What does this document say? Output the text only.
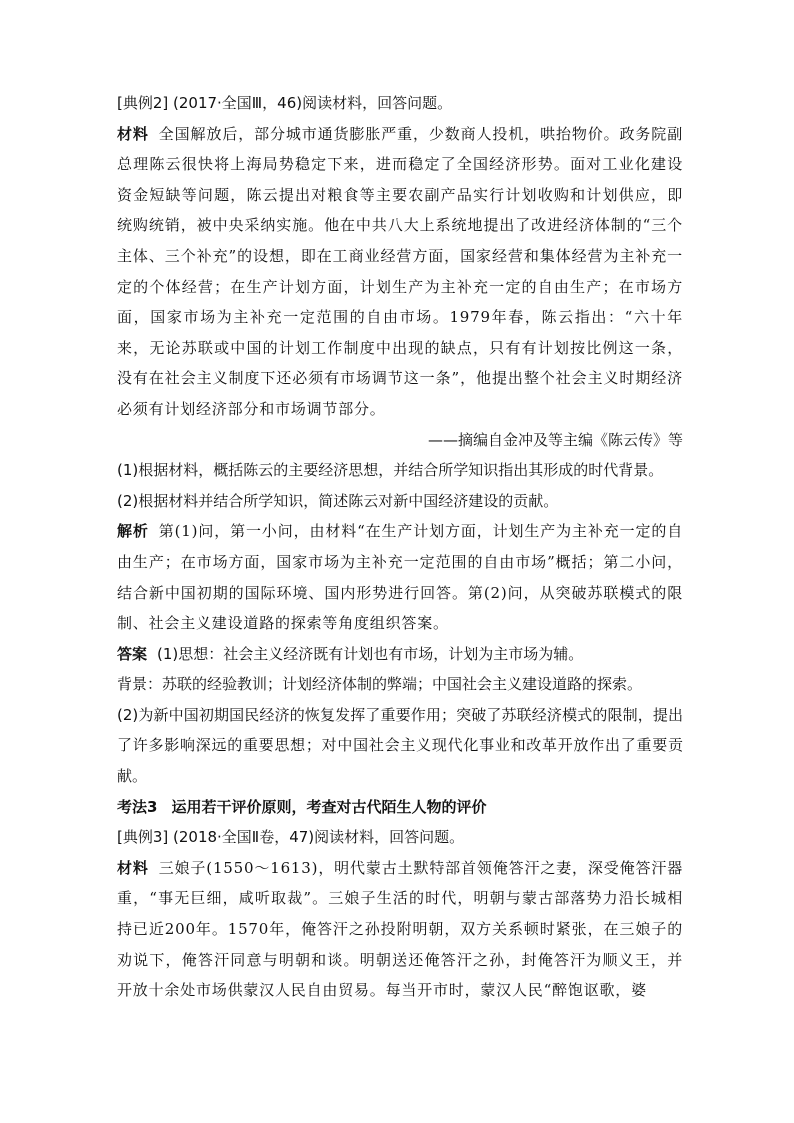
[典例2] (2017·全国Ⅲ，46)阅读材料，回答问题。

材料 全国解放后，部分城市通货膨胀严重，少数商人投机，哄抬物价。政务院副总理陈云很快将上海局势稳定下来，进而稳定了全国经济形势。面对工业化建设资金短缺等问题，陈云提出对粮食等主要农副产品实行计划收购和计划供应，即统购统销，被中央采纳实施。他在中共八大上系统地提出了改进经济体制的“三个主体、三个补充”的设想，即在工商业经营方面，国家经营和集体经营为主补充一定的个体经营；在生产计划方面，计划生产为主补充一定的自由生产；在市场方面，国家市场为主补充一定范围的自由市场。1979年春，陈云指出：“六十年来，无论苏联或中国的计划工作制度中出现的缺点，只有有计划按比例这一条，没有在社会主义制度下还必须有市场调节这一条”，他提出整个社会主义时期经济必须有计划经济部分和市场调节部分。

——摘编自金冲及等主编《陈云传》等

(1)根据材料，概括陈云的主要经济思想，并结合所学知识指出其形成的时代背景。

(2)根据材料并结合所学知识，简述陈云对新中国经济建设的贡献。

解析 第(1)问，第一小问，由材料“在生产计划方面，计划生产为主补充一定的自由生产；在市场方面，国家市场为主补充一定范围的自由市场”概括；第二小问，结合新中国初期的国际环境、国内形势进行回答。第(2)问，从突破苏联模式的限制、社会主义建设道路的探索等角度组织答案。

答案 (1)思想：社会主义经济既有计划也有市场，计划为主市场为辅。

背景：苏联的经验教训；计划经济体制的弊端；中国社会主义建设道路的探索。

(2)为新中国初期国民经济的恢复发挥了重要作用；突破了苏联经济模式的限制，提出了许多影响深远的重要思想；对中国社会主义现代化事业和改革开放作出了重要贡献。

考法3 运用若干评价原则，考查对古代陌生人物的评价

[典例3] (2018·全国Ⅱ卷，47)阅读材料，回答问题。

材料 三娘子(1550～1613)，明代蒙古土默特部首领俺答汗之妻，深受俺答汗器重，“事无巨细，咸听取裁”。三娘子生活的时代，明朝与蒙古部落势力沿长城相持已近200年。1570年，俺答汗之孙投附明朝，双方关系顿时紧张，在三娘子的劝说下，俺答汗同意与明朝和谈。明朝送还俺答汗之孙，封俺答汗为顺义王，并开放十余处市场供蒙汉人民自由贸易。每当开市时，蒙汉人民“醉饱讴歌，婆
